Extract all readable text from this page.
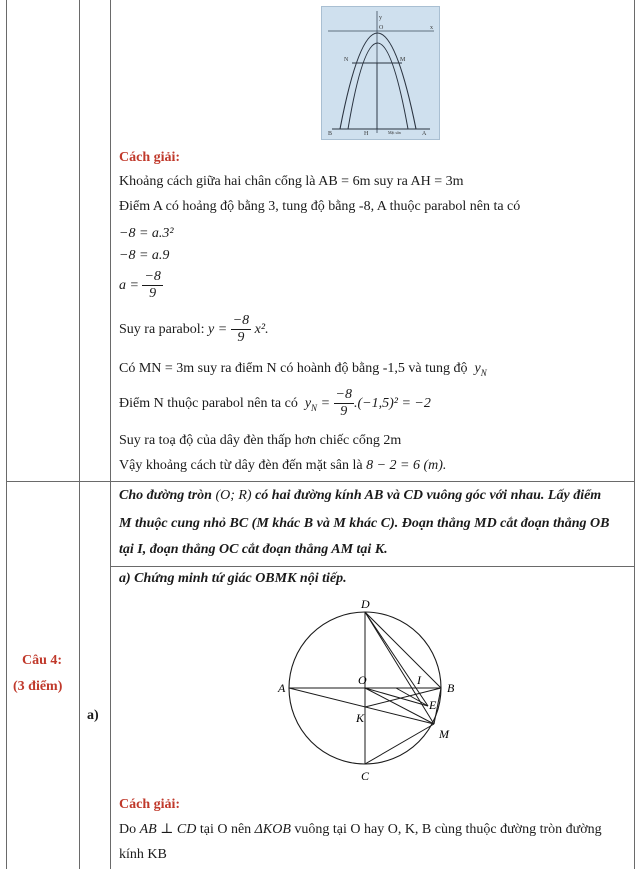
y
O	x
N	M
B	H	Mặt sân	A
Cách giải:
Khoảng cách giữa hai chân cổng là AB = 6m suy ra AH = 3m
Điểm A có hoảng độ bằng 3, tung độ bằng -8, A thuộc parabol nên ta có
−8 = a.3²
−8 = a.9
$a = \frac{-8}{9}$
Suy ra parabol: $y = \frac{-8}{9} x^2$.
Có MN = 3m suy ra điểm N có hoành độ bằng -1,5 và tung độ $y_N$
Điểm N thuộc parabol nên ta có $y_N = \frac{-8}{9} .(-1,5)^2 = -2$
Suy ra toạ độ của dây đèn thấp hơn chiếc cổng 2m
Vậy khoảng cách từ dây đèn đến mặt sân là 8 − 2 = 6 (m).
Câu 4:
(3 điểm)
a)
Cho đường tròn (O; R) có hai đường kính AB và CD vuông góc với nhau. Lấy điểm
M thuộc cung nhỏ BC (M khác B và M khác C). Đoạn thẳng MD cắt đoạn thẳng OB
tại I, đoạn thẳng OC cắt đoạn thẳng AM tại K.
a) Chứng minh tứ giác OBMK nội tiếp.
D
A
O	I
B
E
K
M
C
Cách giải:
Do AB ⊥ CD tại O nên ΔKOB vuông tại O hay O, K, B cùng thuộc đường tròn đường
kính KB
